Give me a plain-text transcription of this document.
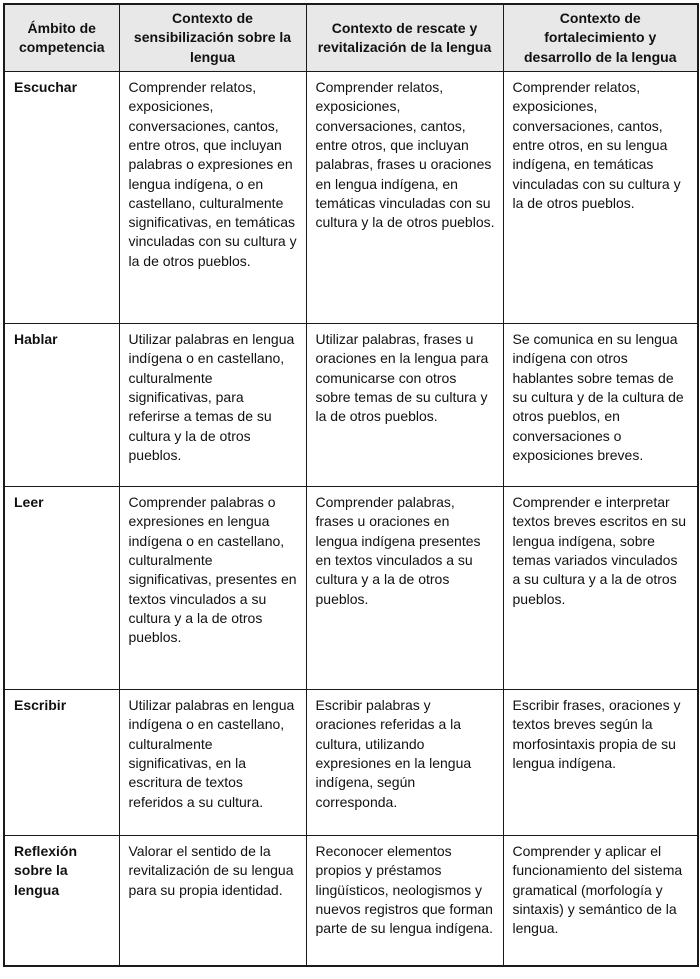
Ámbito de competencia	Contexto de sensibilización sobre la lengua	Contexto de rescate y revitalización de la lengua	Contexto de fortalecimiento y desarrollo de la lengua
Escuchar	Comprender relatos, exposiciones, conversaciones, cantos, entre otros, que incluyan palabras o expresiones en lengua indígena, o en castellano, culturalmente significativas, en temáticas vinculadas con su cultura y la de otros pueblos.	Comprender relatos, exposiciones, conversaciones, cantos, entre otros, que incluyan palabras, frases u oraciones en lengua indígena, en temáticas vinculadas con su cultura y la de otros pueblos.	Comprender relatos, exposiciones, conversaciones, cantos, entre otros, en su lengua indígena, en temáticas vinculadas con su cultura y la de otros pueblos.
Hablar	Utilizar palabras en lengua indígena o en castellano, culturalmente significativas, para referirse a temas de su cultura y la de otros pueblos.	Utilizar palabras, frases u oraciones en la lengua para comunicarse con otros sobre temas de su cultura y la de otros pueblos.	Se comunica en su lengua indígena con otros hablantes sobre temas de su cultura y de la cultura de otros pueblos, en conversaciones o exposiciones breves.
Leer	Comprender palabras o expresiones en lengua indígena o en castellano, culturalmente significativas, presentes en textos vinculados a su cultura y a la de otros pueblos.	Comprender palabras, frases u oraciones en lengua indígena presentes en textos vinculados a su cultura y a la de otros pueblos.	Comprender e interpretar textos breves escritos en su lengua indígena, sobre temas variados vinculados a su cultura y a la de otros pueblos.
Escribir	Utilizar palabras en lengua indígena o en castellano, culturalmente significativas, en la escritura de textos referidos a su cultura.	Escribir palabras y oraciones referidas a la cultura, utilizando expresiones en la lengua indígena, según corresponda.	Escribir frases, oraciones y textos breves según la morfosintaxis propia de su lengua indígena.
Reflexión sobre la lengua	Valorar el sentido de la revitalización de su lengua para su propia identidad.	Reconocer elementos propios y préstamos lingüísticos, neologismos y nuevos registros que forman parte de su lengua indígena.	Comprender y aplicar el funcionamiento del sistema gramatical (morfología y sintaxis) y semántico de la lengua.
